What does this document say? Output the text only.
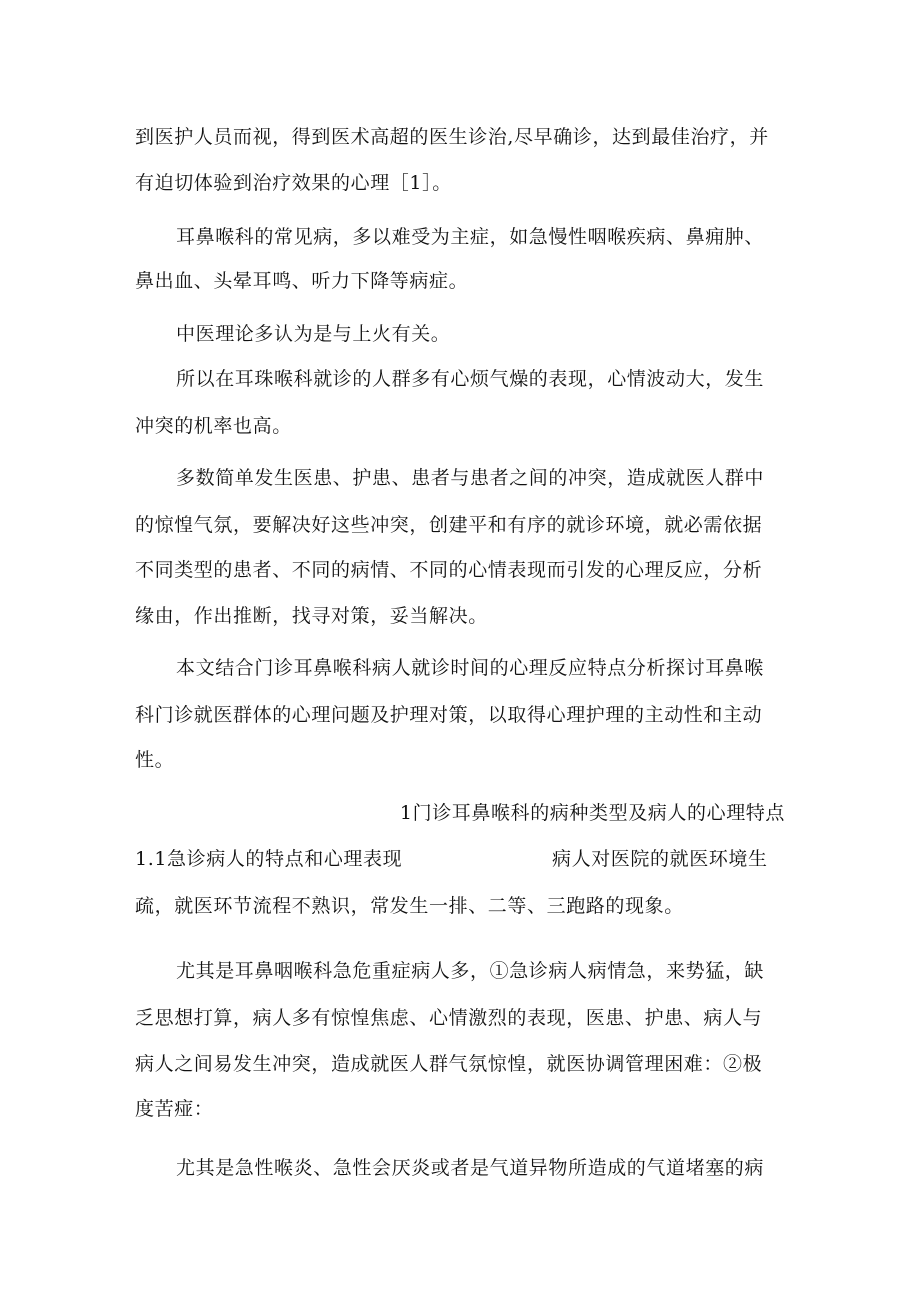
到医护人员而视，得到医术高超的医生诊治,尽早确诊，达到最佳治疗，并
有迫切体验到治疗效果的心理［1］。
耳鼻喉科的常见病，多以难受为主症，如急慢性咽喉疾病、鼻痈肿、
鼻出血、头晕耳鸣、听力下降等病症。
中医理论多认为是与上火有关。
所以在耳珠喉科就诊的人群多有心烦气燥的表现，心情波动大，发生
冲突的机率也高。
多数简单发生医患、护患、患者与患者之间的冲突，造成就医人群中
的惊惶气氛，要解决好这些冲突，创建平和有序的就诊环境，就必需依据
不同类型的患者、不同的病情、不同的心情表现而引发的心理反应，分析
缘由，作出推断，找寻对策，妥当解决。
本文结合门诊耳鼻喉科病人就诊时间的心理反应特点分析探讨耳鼻喉
科门诊就医群体的心理问题及护理对策，以取得心理护理的主动性和主动
性。
1门诊耳鼻喉科的病种类型及病人的心理特点
1.1急诊病人的特点和心理表现	病人对医院的就医环境生
疏，就医环节流程不熟识，常发生一排、二等、三跑路的现象。
尤其是耳鼻咽喉科急危重症病人多，①急诊病人病情急，来势猛，缺
乏思想打算，病人多有惊惶焦虑、心情激烈的表现，医患、护患、病人与
病人之间易发生冲突，造成就医人群气氛惊惶，就医协调管理困难：②极
度苦痖：
尤其是急性喉炎、急性会厌炎或者是气道异物所造成的气道堵塞的病
